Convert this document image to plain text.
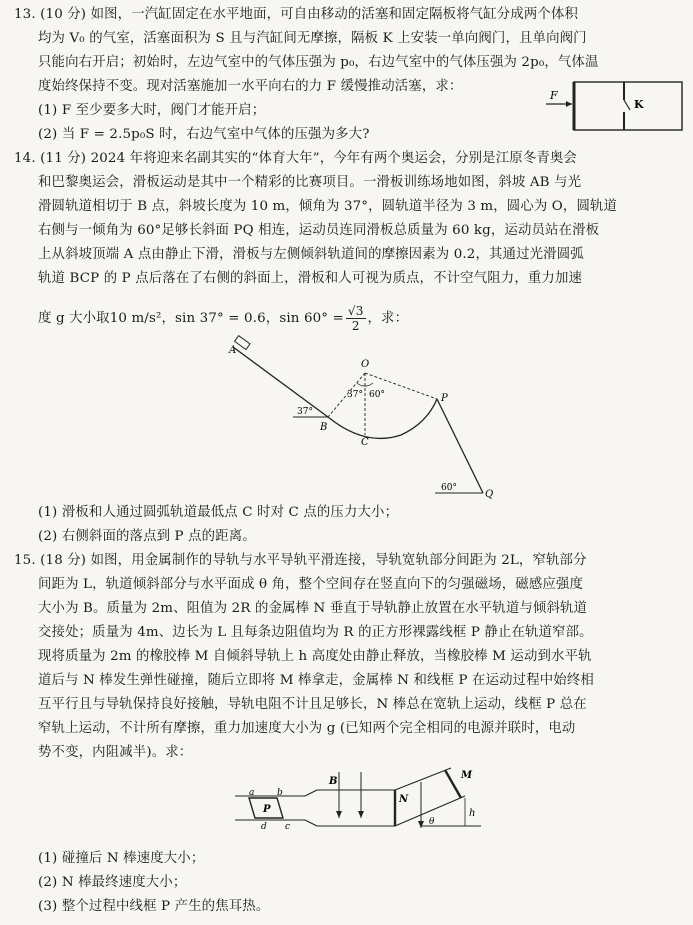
13. (10 分) 如图，一汽缸固定在水平地面，可自由移动的活塞和固定隔板将气缸分成两个体积
均为 V₀ 的气室，活塞面积为 S 且与汽缸间无摩擦，隔板 K 上安装一单向阀门，且单向阀门
只能向右开启；初始时，左边气室中的气体压强为 p₀，右边气室中的气体压强为 2p₀，气体温
度始终保持不变。现对活塞施加一水平向右的力 F 缓慢推动活塞，求：
(1) F 至少要多大时，阀门才能开启；
(2) 当 F = 2.5p₀S 时，右边气室中气体的压强为多大?
F
K
14. (11 分) 2024 年将迎来名副其实的“体育大年”，今年有两个奥运会，分别是江原冬青奥会
和巴黎奥运会，滑板运动是其中一个精彩的比赛项目。一滑板训练场地如图，斜坡 AB 与光
滑圆轨道相切于 B 点，斜坡长度为 10 m，倾角为 37°，圆轨道半径为 3 m，圆心为 O，圆轨道
右侧与一倾角为 60°足够长斜面 PQ 相连，运动员连同滑板总质量为 60 kg，运动员站在滑板
上从斜坡顶端 A 点由静止下滑，滑板与左侧倾斜轨道间的摩擦因素为 0.2，其通过光滑圆弧
轨道 BCP 的 P 点后落在了右侧的斜面上，滑板和人可视为质点，不计空气阻力，重力加速
度 g 大小取10 m/s²，sin 37° = 0.6，$\sin 60^\circ = \frac{√3}{2}$ ，求：
A
37°
B
O
37° 60°
C
P
60°
Q
(1) 滑板和人通过圆弧轨道最低点 C 时对 C 点的压力大小；
(2) 右侧斜面的落点到 P 点的距离。
15. (18 分) 如图，用金属制作的导轨与水平导轨平滑连接，导轨宽轨部分间距为 2L，窄轨部分
间距为 L，轨道倾斜部分与水平面成 θ 角，整个空间存在竖直向下的匀强磁场，磁感应强度
大小为 B。质量为 2m、阻值为 2R 的金属棒 N 垂直于导轨静止放置在水平轨道与倾斜轨道
交接处；质量为 4m、边长为 L 且每条边阻值均为 R 的正方形裸露线框 P 静止在轨道窄部。
现将质量为 2m 的橡胶棒 M 自倾斜导轨上 h 高度处由静止释放，当橡胶棒 M 运动到水平轨
道后与 N 棒发生弹性碰撞，随后立即将 M 棒拿走，金属棒 N 和线框 P 在运动过程中始终相
互平行且与导轨保持良好接触，导轨电阻不计且足够长，N 棒总在宽轨上运动，线框 P 总在
窄轨上运动，不计所有摩擦，重力加速度大小为 g (已知两个完全相同的电源并联时，电动
势不变，内阻减半)。求：
P
a	b
c
d
B
θ
N
M
h
(1) 碰撞后 N 棒速度大小；
(2) N 棒最终速度大小；
(3) 整个过程中线框 P 产生的焦耳热。
